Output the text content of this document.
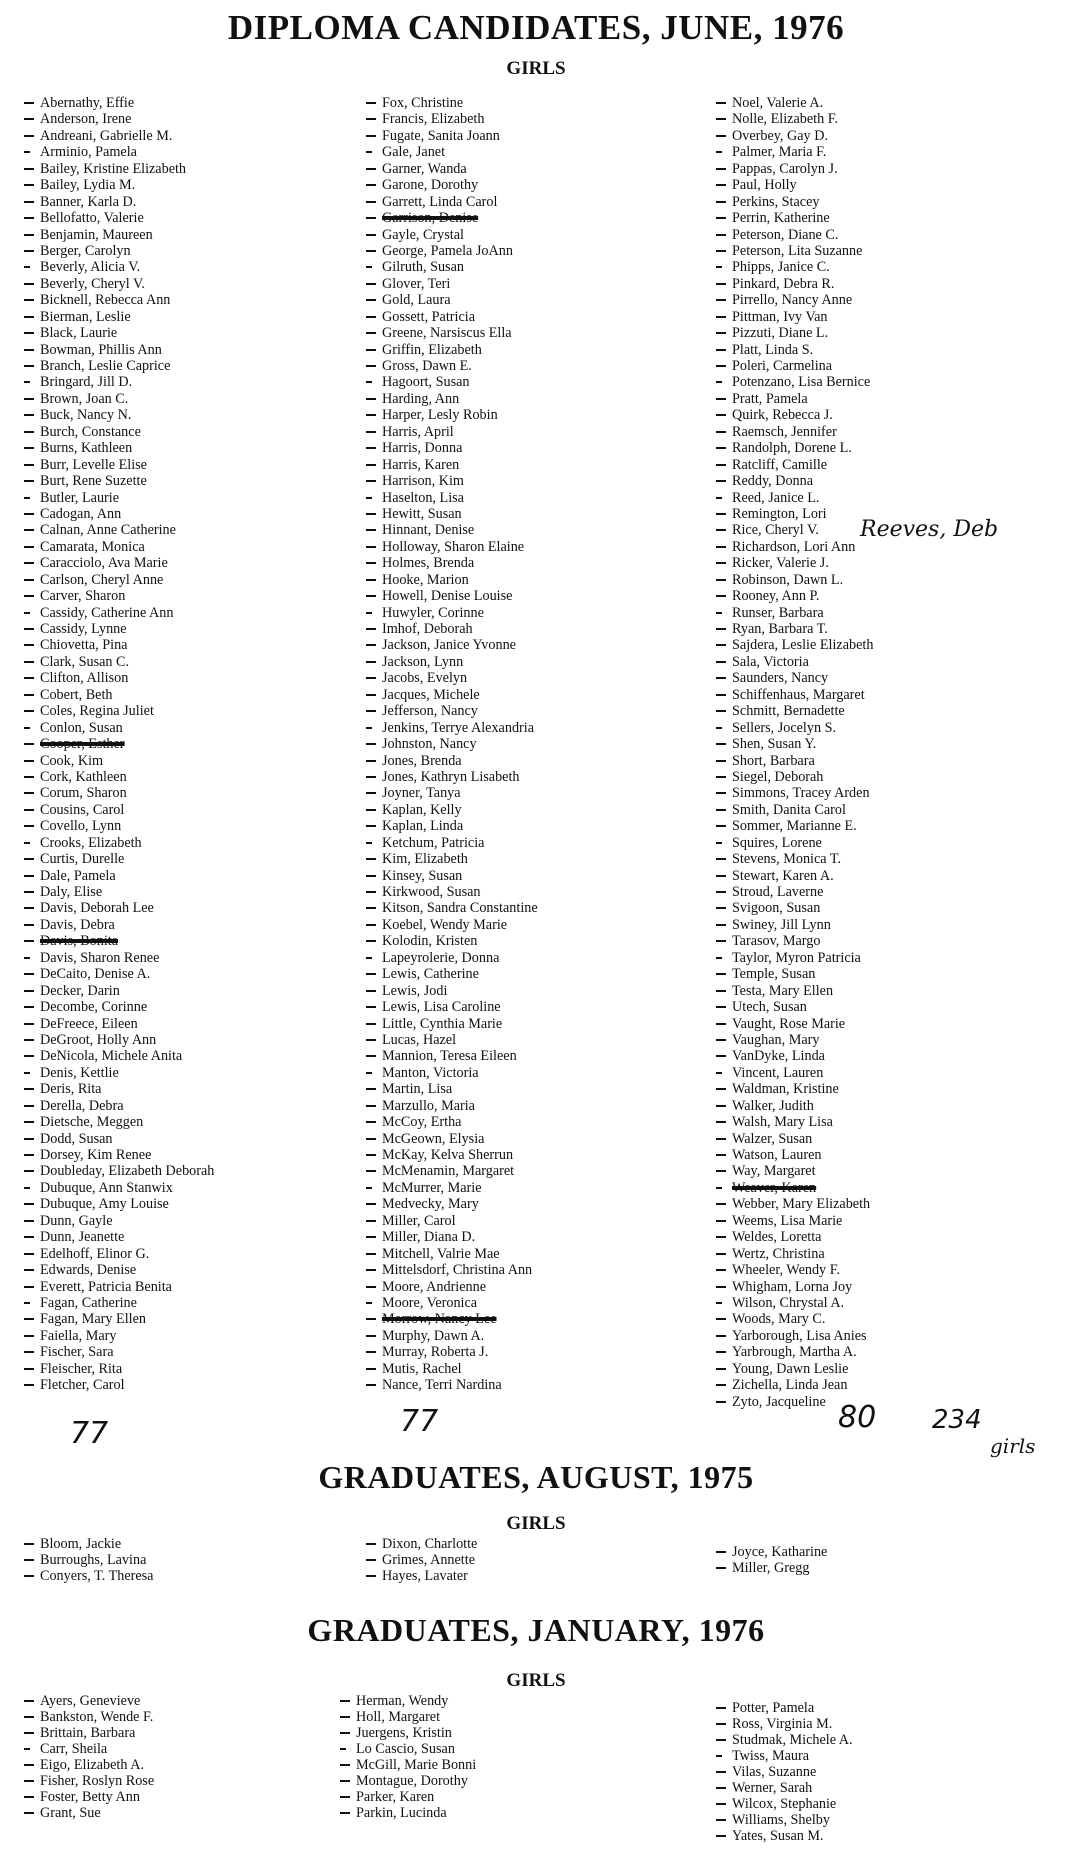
DIPLOMA CANDIDATES, JUNE, 1976
GIRLS
Abernathy, Effie
Anderson, Irene
Andreani, Gabrielle M.
Arminio, Pamela
Bailey, Kristine Elizabeth
Bailey, Lydia M.
Banner, Karla D.
Bellofatto, Valerie
Benjamin, Maureen
Berger, Carolyn
Beverly, Alicia V.
Beverly, Cheryl V.
Bicknell, Rebecca Ann
Bierman, Leslie
Black, Laurie
Bowman, Phillis Ann
Branch, Leslie Caprice
Bringard, Jill D.
Brown, Joan C.
Buck, Nancy N.
Burch, Constance
Burns, Kathleen
Burr, Levelle Elise
Burt, Rene Suzette
Butler, Laurie
Cadogan, Ann
Calnan, Anne Catherine
Camarata, Monica
Caracciolo, Ava Marie
Carlson, Cheryl Anne
Carver, Sharon
Cassidy, Catherine Ann
Cassidy, Lynne
Chiovetta, Pina
Clark, Susan C.
Clifton, Allison
Cobert, Beth
Coles, Regina Juliet
Conlon, Susan
Cooper, Esther
Cook, Kim
Cork, Kathleen
Corum, Sharon
Cousins, Carol
Covello, Lynn
Crooks, Elizabeth
Curtis, Durelle
Dale, Pamela
Daly, Elise
Davis, Deborah Lee
Davis, Debra
Davis, Bonita
Davis, Sharon Renee
DeCaito, Denise A.
Decker, Darin
Decombe, Corinne
DeFreece, Eileen
DeGroot, Holly Ann
DeNicola, Michele Anita
Denis, Kettlie
Deris, Rita
Derella, Debra
Dietsche, Meggen
Dodd, Susan
Dorsey, Kim Renee
Doubleday, Elizabeth Deborah
Dubuque, Ann Stanwix
Dubuque, Amy Louise
Dunn, Gayle
Dunn, Jeanette
Edelhoff, Elinor G.
Edwards, Denise
Everett, Patricia Benita
Fagan, Catherine
Fagan, Mary Ellen
Faiella, Mary
Fischer, Sara
Fleischer, Rita
Fletcher, Carol
Fox, Christine
Francis, Elizabeth
Fugate, Sanita Joann
Gale, Janet
Garner, Wanda
Garone, Dorothy
Garrett, Linda Carol
Garrison, Denise
Gayle, Crystal
George, Pamela JoAnn
Gilruth, Susan
Glover, Teri
Gold, Laura
Gossett, Patricia
Greene, Narsiscus Ella
Griffin, Elizabeth
Gross, Dawn E.
Hagoort, Susan
Harding, Ann
Harper, Lesly Robin
Harris, April
Harris, Donna
Harris, Karen
Harrison, Kim
Haselton, Lisa
Hewitt, Susan
Hinnant, Denise
Holloway, Sharon Elaine
Holmes, Brenda
Hooke, Marion
Howell, Denise Louise
Huwyler, Corinne
Imhof, Deborah
Jackson, Janice Yvonne
Jackson, Lynn
Jacobs, Evelyn
Jacques, Michele
Jefferson, Nancy
Jenkins, Terrye Alexandria
Johnston, Nancy
Jones, Brenda
Jones, Kathryn Lisabeth
Joyner, Tanya
Kaplan, Kelly
Kaplan, Linda
Ketchum, Patricia
Kim, Elizabeth
Kinsey, Susan
Kirkwood, Susan
Kitson, Sandra Constantine
Koebel, Wendy Marie
Kolodin, Kristen
Lapeyrolerie, Donna
Lewis, Catherine
Lewis, Jodi
Lewis, Lisa Caroline
Little, Cynthia Marie
Lucas, Hazel
Mannion, Teresa Eileen
Manton, Victoria
Martin, Lisa
Marzullo, Maria
McCoy, Ertha
McGeown, Elysia
McKay, Kelva Sherrun
McMenamin, Margaret
McMurrer, Marie
Medvecky, Mary
Miller, Carol
Miller, Diana D.
Mitchell, Valrie Mae
Mittelsdorf, Christina Ann
Moore, Andrienne
Moore, Veronica
Morrow, Nancy Lee
Murphy, Dawn A.
Murray, Roberta J.
Mutis, Rachel
Nance, Terri Nardina
Noel, Valerie A.
Nolle, Elizabeth F.
Overbey, Gay D.
Palmer, Maria F.
Pappas, Carolyn J.
Paul, Holly
Perkins, Stacey
Perrin, Katherine
Peterson, Diane C.
Peterson, Lita Suzanne
Phipps, Janice C.
Pinkard, Debra R.
Pirrello, Nancy Anne
Pittman, Ivy Van
Pizzuti, Diane L.
Platt, Linda S.
Poleri, Carmelina
Potenzano, Lisa Bernice
Pratt, Pamela
Quirk, Rebecca J.
Raemsch, Jennifer
Randolph, Dorene L.
Ratcliff, Camille
Reddy, Donna
Reed, Janice L.
Remington, Lori
Rice, Cheryl V.
Richardson, Lori Ann
Ricker, Valerie J.
Robinson, Dawn L.
Rooney, Ann P.
Runser, Barbara
Ryan, Barbara T.
Sajdera, Leslie Elizabeth
Sala, Victoria
Saunders, Nancy
Schiffenhaus, Margaret
Schmitt, Bernadette
Sellers, Jocelyn S.
Shen, Susan Y.
Short, Barbara
Siegel, Deborah
Simmons, Tracey Arden
Smith, Danita Carol
Sommer, Marianne E.
Squires, Lorene
Stevens, Monica T.
Stewart, Karen A.
Stroud, Laverne
Svigoon, Susan
Swiney, Jill Lynn
Tarasov, Margo
Taylor, Myron Patricia
Temple, Susan
Testa, Mary Ellen
Utech, Susan
Vaught, Rose Marie
Vaughan, Mary
VanDyke, Linda
Vincent, Lauren
Waldman, Kristine
Walker, Judith
Walsh, Mary Lisa
Walzer, Susan
Watson, Lauren
Way, Margaret
Weaver, Karen
Webber, Mary Elizabeth
Weems, Lisa Marie
Weldes, Loretta
Wertz, Christina
Wheeler, Wendy F.
Whigham, Lorna Joy
Wilson, Chrystal A.
Woods, Mary C.
Yarborough, Lisa Anies
Yarbrough, Martha A.
Young, Dawn Leslie
Zichella, Linda Jean
Zyto, Jacqueline
Reeves, Deb
77	77	80 234
girls
GRADUATES, AUGUST, 1975
GIRLS
Bloom, Jackie
Burroughs, Lavina
Conyers, T. Theresa
Dixon, Charlotte
Grimes, Annette
Hayes, Lavater
Joyce, Katharine
Miller, Gregg
GRADUATES, JANUARY, 1976
GIRLS
Ayers, Genevieve
Bankston, Wende F.
Brittain, Barbara
Carr, Sheila
Eigo, Elizabeth A.
Fisher, Roslyn Rose
Foster, Betty Ann
Grant, Sue
Herman, Wendy
Holl, Margaret
Juergens, Kristin
Lo Cascio, Susan
McGill, Marie Bonni
Montague, Dorothy
Parker, Karen
Parkin, Lucinda
Potter, Pamela
Ross, Virginia M.
Studmak, Michele A.
Twiss, Maura
Vilas, Suzanne
Werner, Sarah
Wilcox, Stephanie
Williams, Shelby
Yates, Susan M.
